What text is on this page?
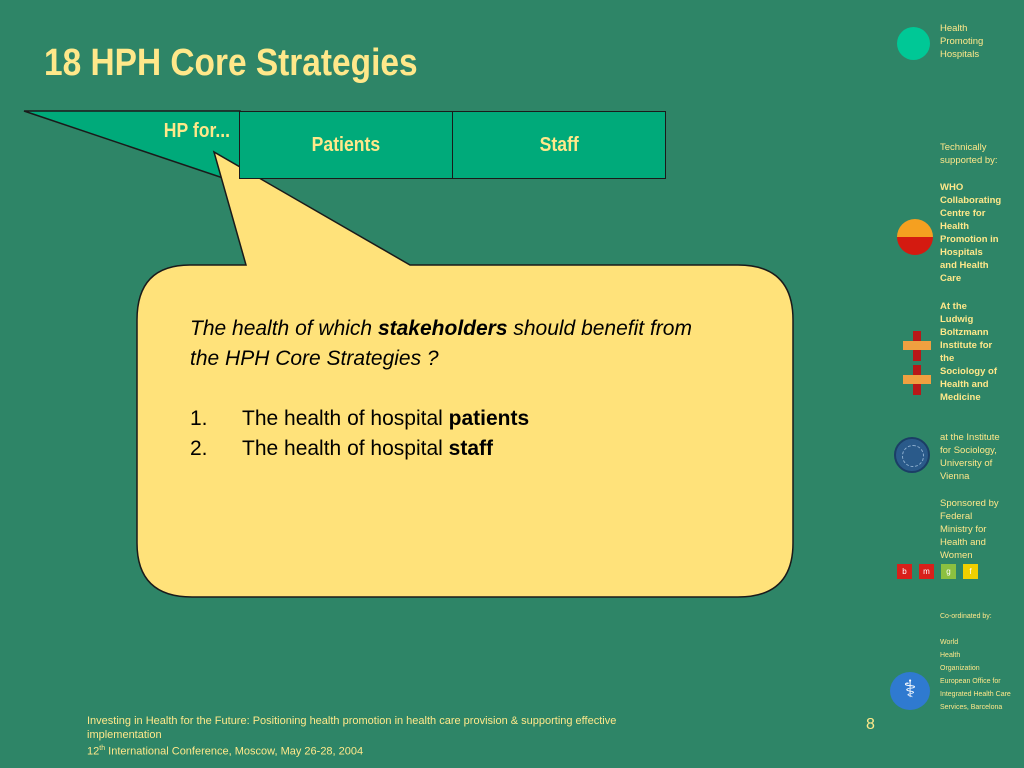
18 HPH Core Strategies
HP for...
Patients	Staff
The health of which stakeholders should benefit from the HPH Core Strategies ?
1.	The health of hospital patients
2.	The health of hospital staff
Health
Promoting
Hospitals
Technically supported by:
WHO
Collaborating
Centre for
Health
Promotion in
Hospitals
and Health
Care
At the
Ludwig
Boltzmann
Institute for
the
Sociology of
Health and
Medicine
at the Institute
for Sociology,
University of
Vienna
Sponsored by
Federal
Ministry for
Health and
Women
b	m	g	f
Co-ordinated by:
⚕
World
Health
Organization
European Office for
Integrated Health Care
Services, Barcelona
Investing in Health for the Future: Positioning health promotion in health care provision & supporting effective implementation
12th International Conference, Moscow, May 26-28, 2004
8
